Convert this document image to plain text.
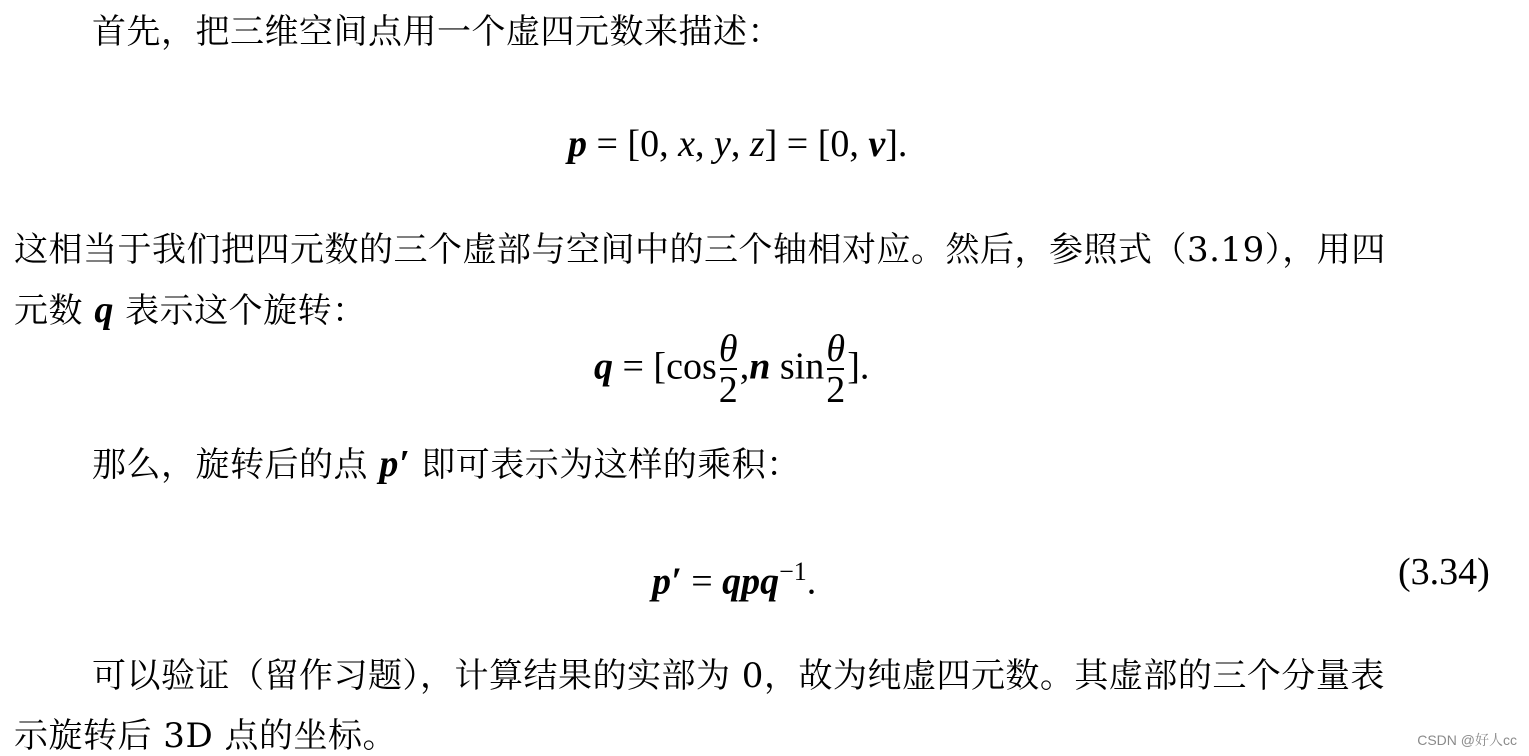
首先，把三维空间点用一个虚四元数来描述：
p = [0, x, y, z] = [0, v].
这相当于我们把四元数的三个虚部与空间中的三个轴相对应。然后，参照式（3.19），用四
元数 q 表示这个旋转：
$q = [\cos \frac{\theta}{2} ,n$ $\sin \frac{\theta}{2}$ ].
那么，旋转后的点 p′ 即可表示为这样的乘积：
p′ = qpq$^{-1}$.	(3.34)
可以验证（留作习题），计算结果的实部为 0，故为纯虚四元数。其虚部的三个分量表
示旋转后 3D 点的坐标。	CSDN @好人cc
